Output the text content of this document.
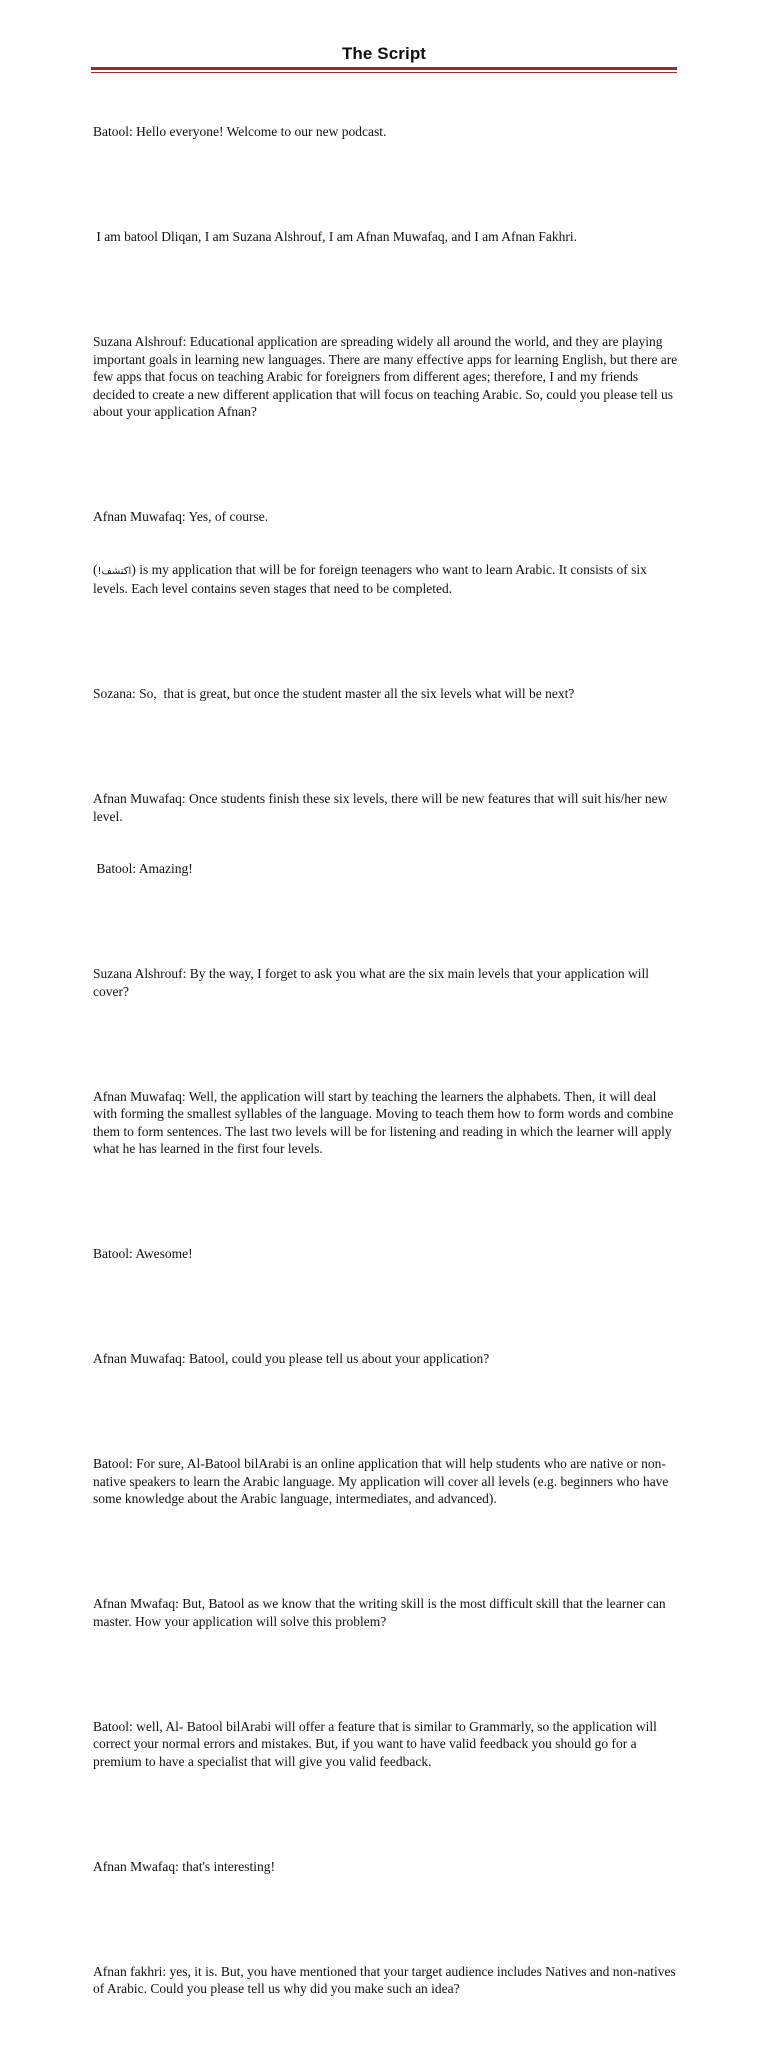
The Script

Batool: Hello everyone! Welcome to our new podcast.

I am batool Dliqan, I am Suzana Alshrouf, I am Afnan Muwafaq, and I am Afnan Fakhri.

Suzana Alshrouf: Educational application are spreading widely all around the world, and they are playing important goals in learning new languages. There are many effective apps for learning English, but there are few apps that focus on teaching Arabic for foreigners from different ages; therefore, I and my friends decided to create a new different application that will focus on teaching Arabic. So, could you please tell us about your application Afnan?

Afnan Muwafaq: Yes, of course.

(اكتشف!) is my application that will be for foreign teenagers who want to learn Arabic. It consists of six levels. Each level contains seven stages that need to be completed.

Sozana: So,  that is great, but once the student master all the six levels what will be next?

Afnan Muwafaq: Once students finish these six levels, there will be new features that will suit his/her new level.

Batool: Amazing!

Suzana Alshrouf: By the way, I forget to ask you what are the six main levels that your application will cover?

Afnan Muwafaq: Well, the application will start by teaching the learners the alphabets. Then, it will deal with forming the smallest syllables of the language. Moving to teach them how to form words and combine them to form sentences. The last two levels will be for listening and reading in which the learner will apply what he has learned in the first four levels.

Batool: Awesome!

Afnan Muwafaq: Batool, could you please tell us about your application?

Batool: For sure, Al-Batool bilArabi is an online application that will help students who are native or non-native speakers to learn the Arabic language. My application will cover all levels (e.g. beginners who have some knowledge about the Arabic language, intermediates, and advanced).

Afnan Mwafaq: But, Batool as we know that the writing skill is the most difficult skill that the learner can master. How your application will solve this problem?

Batool: well, Al- Batool bilArabi will offer a feature that is similar to Grammarly, so the application will correct your normal errors and mistakes. But, if you want to have valid feedback you should go for a premium to have a specialist that will give you valid feedback.

Afnan Mwafaq: that's interesting!

Afnan fakhri: yes, it is. But, you have mentioned that your target audience includes Natives and non-natives of Arabic. Could you please tell us why did you make such an idea?
